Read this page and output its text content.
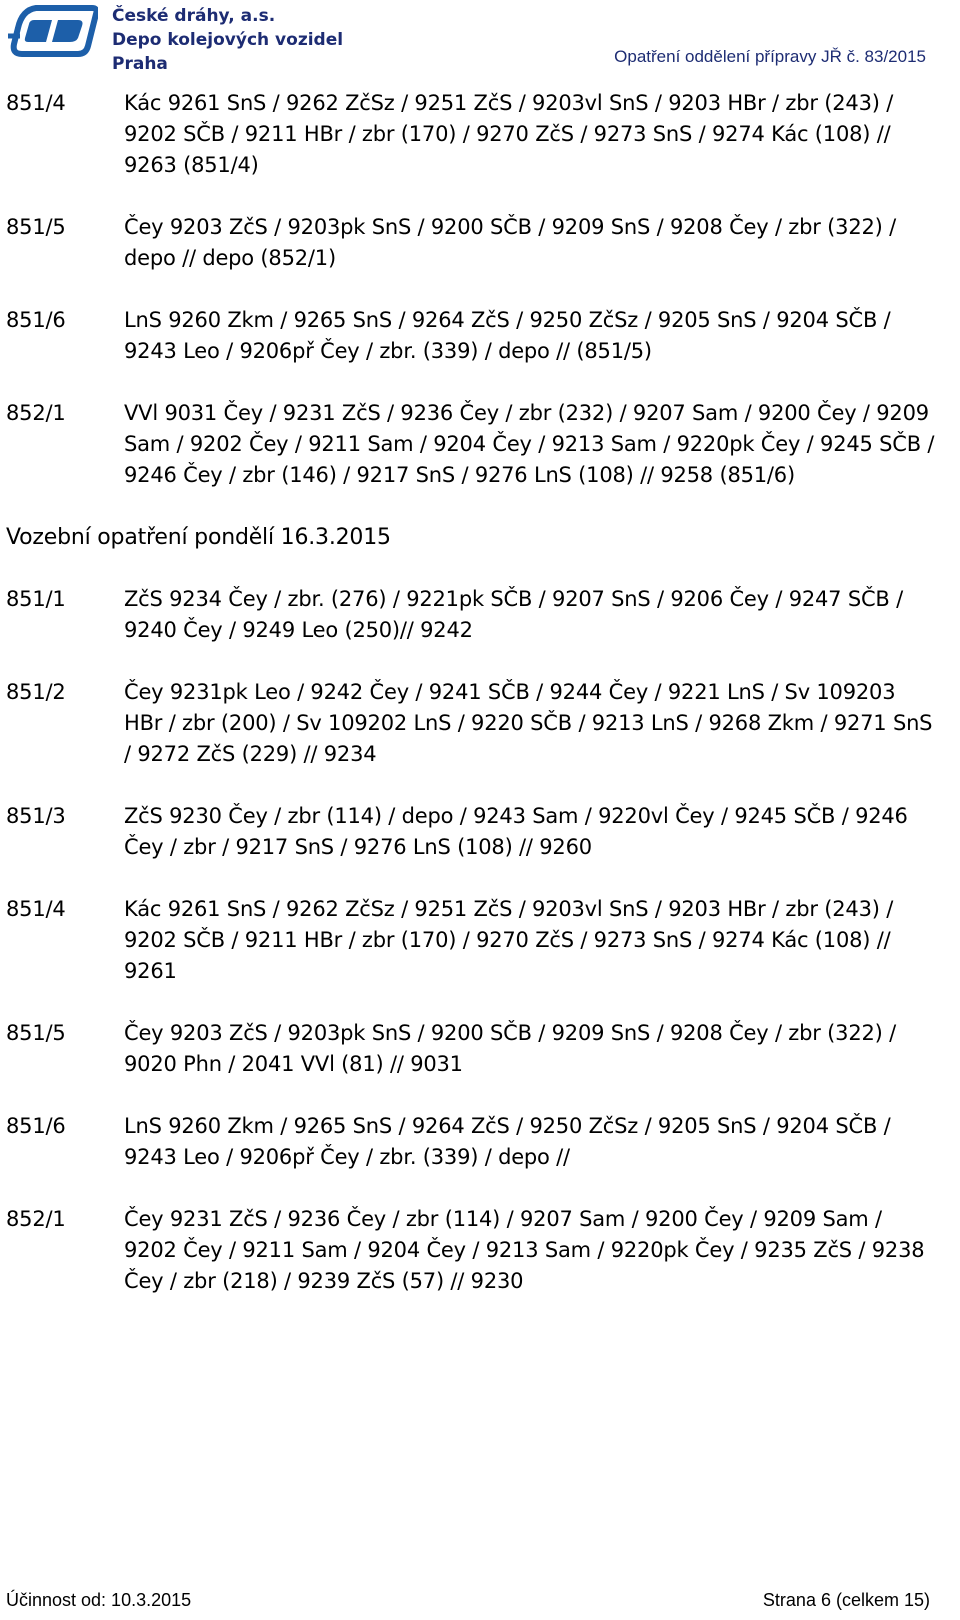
České dráhy, a.s.
Depo kolejových vozidel
Praha	Opatření oddělení přípravy JŘ č. 83/2015
851/4	Kác 9261 SnS / 9262 ZčSz / 9251 ZčS / 9203vl SnS / 9203 HBr / zbr (243) / 9202 SČB / 9211 HBr / zbr (170) / 9270 ZčS / 9273 SnS / 9274 Kác (108) // 9263 (851/4)
851/5	Čey 9203 ZčS / 9203pk SnS / 9200 SČB / 9209 SnS / 9208 Čey / zbr (322) / depo // depo (852/1)
851/6	LnS 9260 Zkm / 9265 SnS / 9264 ZčS / 9250 ZčSz / 9205 SnS / 9204 SČB / 9243 Leo / 9206př Čey / zbr. (339) / depo // (851/5)
852/1	VVl 9031 Čey / 9231 ZčS / 9236 Čey / zbr (232) / 9207 Sam / 9200 Čey / 9209 Sam / 9202 Čey / 9211 Sam / 9204 Čey / 9213 Sam / 9220pk Čey / 9245 SČB / 9246 Čey / zbr (146) / 9217 SnS / 9276 LnS (108) // 9258 (851/6)
Vozební opatření pondělí 16.3.2015
851/1	ZčS 9234 Čey / zbr. (276) / 9221pk SČB / 9207 SnS / 9206 Čey / 9247 SČB / 9240 Čey / 9249 Leo (250)// 9242
851/2	Čey 9231pk Leo / 9242 Čey / 9241 SČB / 9244 Čey / 9221 LnS / Sv 109203 HBr / zbr (200) / Sv 109202 LnS / 9220 SČB / 9213 LnS / 9268 Zkm / 9271 SnS / 9272 ZčS (229) // 9234
851/3	ZčS 9230 Čey / zbr (114) / depo / 9243 Sam / 9220vl Čey / 9245 SČB / 9246 Čey / zbr / 9217 SnS / 9276 LnS (108) // 9260
851/4	Kác 9261 SnS / 9262 ZčSz / 9251 ZčS / 9203vl SnS / 9203 HBr / zbr (243) / 9202 SČB / 9211 HBr / zbr (170) / 9270 ZčS / 9273 SnS / 9274 Kác (108) // 9261
851/5	Čey 9203 ZčS / 9203pk SnS / 9200 SČB / 9209 SnS / 9208 Čey / zbr (322) / 9020 Phn / 2041 VVl (81) // 9031
851/6	LnS 9260 Zkm / 9265 SnS / 9264 ZčS / 9250 ZčSz / 9205 SnS / 9204 SČB / 9243 Leo / 9206př Čey / zbr. (339) / depo //
852/1	Čey 9231 ZčS / 9236 Čey / zbr (114) / 9207 Sam / 9200 Čey / 9209 Sam / 9202 Čey / 9211 Sam / 9204 Čey / 9213 Sam / 9220pk Čey / 9235 ZčS / 9238 Čey / zbr (218) / 9239 ZčS (57) // 9230
Účinnost od: 10.3.2015	Strana 6 (celkem 15)
